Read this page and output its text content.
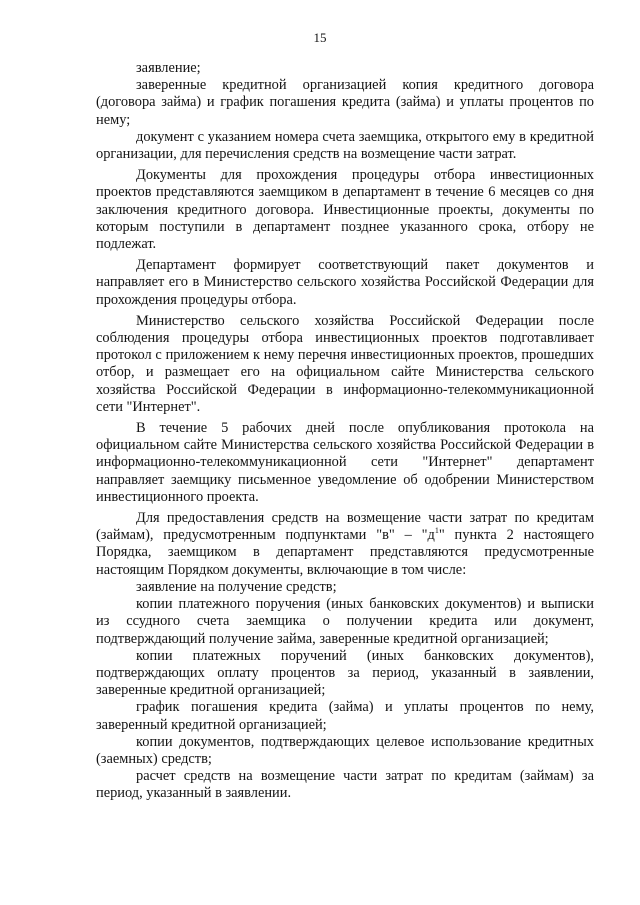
15

заявление;

заверенные кредитной организацией копия кредитного договора (договора займа) и график погашения кредита (займа) и уплаты процентов по нему;

документ с указанием номера счета заемщика, открытого ему в кредитной организации, для перечисления средств на возмещение части затрат.

Документы для прохождения процедуры отбора инвестиционных проектов представляются заемщиком в департамент в течение 6 месяцев со дня заключения кредитного договора. Инвестиционные проекты, документы по которым поступили в департамент позднее указанного срока, отбору не подлежат.

Департамент формирует соответствующий пакет документов и направляет его в Министерство сельского хозяйства Российской Федерации для прохождения процедуры отбора.

Министерство сельского хозяйства Российской Федерации после соблюдения процедуры отбора инвестиционных проектов подготавливает протокол с приложением к нему перечня инвестиционных проектов, прошедших отбор, и размещает его на официальном сайте Министерства сельского хозяйства Российской Федерации в информационно-телекоммуникационной сети "Интернет".

В течение 5 рабочих дней после опубликования протокола на официальном сайте Министерства сельского хозяйства Российской Федерации в информационно-телекоммуникационной сети "Интернет" департамент направляет заемщику письменное уведомление об одобрении Министерством инвестиционного проекта.

Для предоставления средств на возмещение части затрат по кредитам (займам), предусмотренным подпунктами "в" – "$д^1$" пункта 2 настоящего Порядка, заемщиком в департамент представляются предусмотренные настоящим Порядком документы, включающие в том числе:

заявление на получение средств;

копии платежного поручения (иных банковских документов) и выписки из ссудного счета заемщика о получении кредита или документ, подтверждающий получение займа, заверенные кредитной организацией;

копии платежных поручений (иных банковских документов), подтверждающих оплату процентов за период, указанный в заявлении, заверенные кредитной организацией;

график погашения кредита (займа) и уплаты процентов по нему, заверенный кредитной организацией;

копии документов, подтверждающих целевое использование кредитных (заемных) средств;

расчет средств на возмещение части затрат по кредитам (займам) за период, указанный в заявлении.
